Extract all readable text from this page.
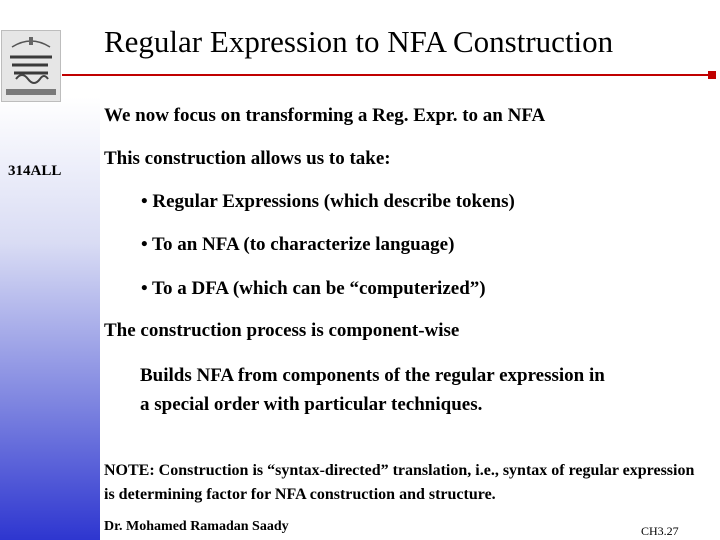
314ALL
Regular Expression to NFA Construction
We now focus on transforming a Reg. Expr. to an NFA
This construction allows us to take:
• Regular Expressions (which describe tokens)
• To an NFA (to characterize language)
• To a DFA (which can be “computerized”)
The construction process is component-wise
Builds NFA from components of the regular expression in a special order with particular techniques.
NOTE: Construction is “syntax-directed” translation, i.e., syntax of regular expression is determining factor for NFA construction and structure.
Dr. Mohamed Ramadan Saady	CH3.27
